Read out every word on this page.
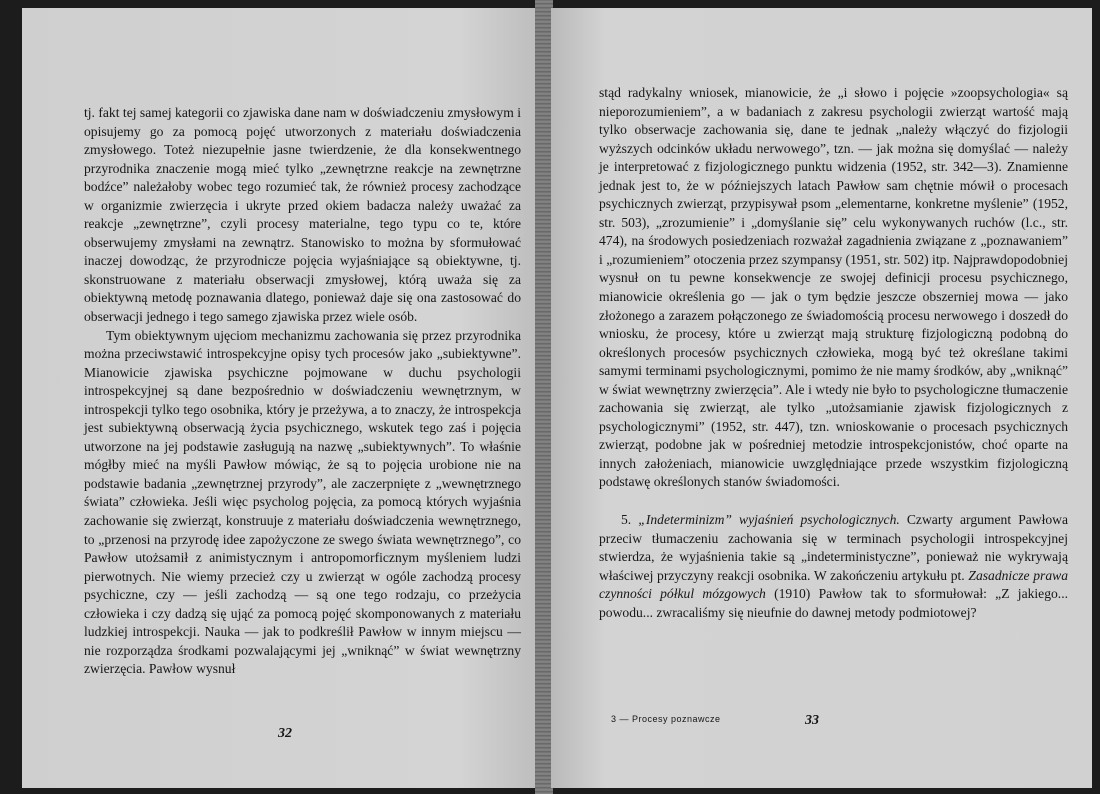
tj. fakt tej samej kategorii co zjawiska dane nam w doświadczeniu zmysłowym i opisujemy go za pomocą pojęć utworzonych z materiału doświadczenia zmysłowego. Toteż niezupełnie jasne twierdzenie, że dla konsekwentnego przyrodnika znaczenie mogą mieć tylko „zewnętrzne reakcje na zewnętrzne bodźce” należałoby wobec tego rozumieć tak, że również procesy zachodzące w organizmie zwierzęcia i ukryte przed okiem badacza należy uważać za reakcje „zewnętrzne”, czyli procesy materialne, tego typu co te, które obserwujemy zmysłami na zewnątrz. Stanowisko to można by sformułować inaczej dowodząc, że przyrodnicze pojęcia wyjaśniające są obiektywne, tj. skonstruowane z materiału obserwacji zmysłowej, którą uważa się za obiektywną metodę poznawania dlatego, ponieważ daje się ona zastosować do obserwacji jednego i tego samego zjawiska przez wiele osób.

Tym obiektywnym ujęciom mechanizmu zachowania się przez przyrodnika można przeciwstawić introspekcyjne opisy tych procesów jako „subiektywne”. Mianowicie zjawiska psychiczne pojmowane w duchu psychologii introspekcyjnej są dane bezpośrednio w doświadczeniu wewnętrznym, w introspekcji tylko tego osobnika, który je przeżywa, a to znaczy, że introspekcja jest subiektywną obserwacją życia psychicznego, wskutek tego zaś i pojęcia utworzone na jej podstawie zasługują na nazwę „subiektywnych”. To właśnie mógłby mieć na myśli Pawłow mówiąc, że są to pojęcia urobione nie na podstawie badania „zewnętrznej przyrody”, ale zaczerpnięte z „wewnętrznego świata” człowieka. Jeśli więc psycholog pojęcia, za pomocą których wyjaśnia zachowanie się zwierząt, konstruuje z materiału doświadczenia wewnętrznego, to „przenosi na przyrodę idee zapożyczone ze swego świata wewnętrznego”, co Pawłow utożsamił z animistycznym i antropomorficznym myśleniem ludzi pierwotnych. Nie wiemy przecież czy u zwierząt w ogóle zachodzą procesy psychiczne, czy — jeśli zachodzą — są one tego rodzaju, co przeżycia człowieka i czy dadzą się ująć za pomocą pojęć skomponowanych z materiału ludzkiej introspekcji. Nauka — jak to podkreślił Pawłow w innym miejscu — nie rozporządza środkami pozwalającymi jej „wniknąć” w świat wewnętrzny zwierzęcia. Pawłow wysnuł

32

stąd radykalny wniosek, mianowicie, że „i słowo i pojęcie »zoopsychologia« są nieporozumieniem”, a w badaniach z zakresu psychologii zwierząt wartość mają tylko obserwacje zachowania się, dane te jednak „należy włączyć do fizjologii wyższych odcinków układu nerwowego”, tzn. — jak można się domyślać — należy je interpretować z fizjologicznego punktu widzenia (1952, str. 342—3). Znamienne jednak jest to, że w późniejszych latach Pawłow sam chętnie mówił o procesach psychicznych zwierząt, przypisywał psom „elementarne, konkretne myślenie” (1952, str. 503), „zrozumienie” i „domyślanie się” celu wykonywanych ruchów (l.c., str. 474), na środowych posiedzeniach rozważał zagadnienia związane z „poznawaniem” i „rozumieniem” otoczenia przez szympansy (1951, str. 502) itp. Najprawdopodobniej wysnuł on tu pewne konsekwencje ze swojej definicji procesu psychicznego, mianowicie określenia go — jak o tym będzie jeszcze obszerniej mowa — jako złożonego a zarazem połączonego ze świadomością procesu nerwowego i doszedł do wniosku, że procesy, które u zwierząt mają strukturę fizjologiczną podobną do określonych procesów psychicznych człowieka, mogą być też określane takimi samymi terminami psychologicznymi, pomimo że nie mamy środków, aby „wniknąć” w świat wewnętrzny zwierzęcia”. Ale i wtedy nie było to psychologiczne tłumaczenie zachowania się zwierząt, ale tylko „utożsamianie zjawisk fizjologicznych z psychologicznymi” (1952, str. 447), tzn. wnioskowanie o procesach psychicznych zwierząt, podobne jak w pośredniej metodzie introspekcjonistów, choć oparte na innych założeniach, mianowicie uwzględniające przede wszystkim fizjologiczną podstawę określonych stanów świadomości.

5. „Indeterminizm” wyjaśnień psychologicznych. Czwarty argument Pawłowa przeciw tłumaczeniu zachowania się w terminach psychologii introspekcyjnej stwierdza, że wyjaśnienia takie są „indeterministyczne”, ponieważ nie wykrywają właściwej przyczyny reakcji osobnika. W zakończeniu artykułu pt. Zasadnicze prawa czynności półkul mózgowych (1910) Pawłow tak to sformułował: „Z jakiego... powodu... zwracaliśmy się nieufnie do dawnej metody podmiotowej?

3 — Procesy poznawcze	33
